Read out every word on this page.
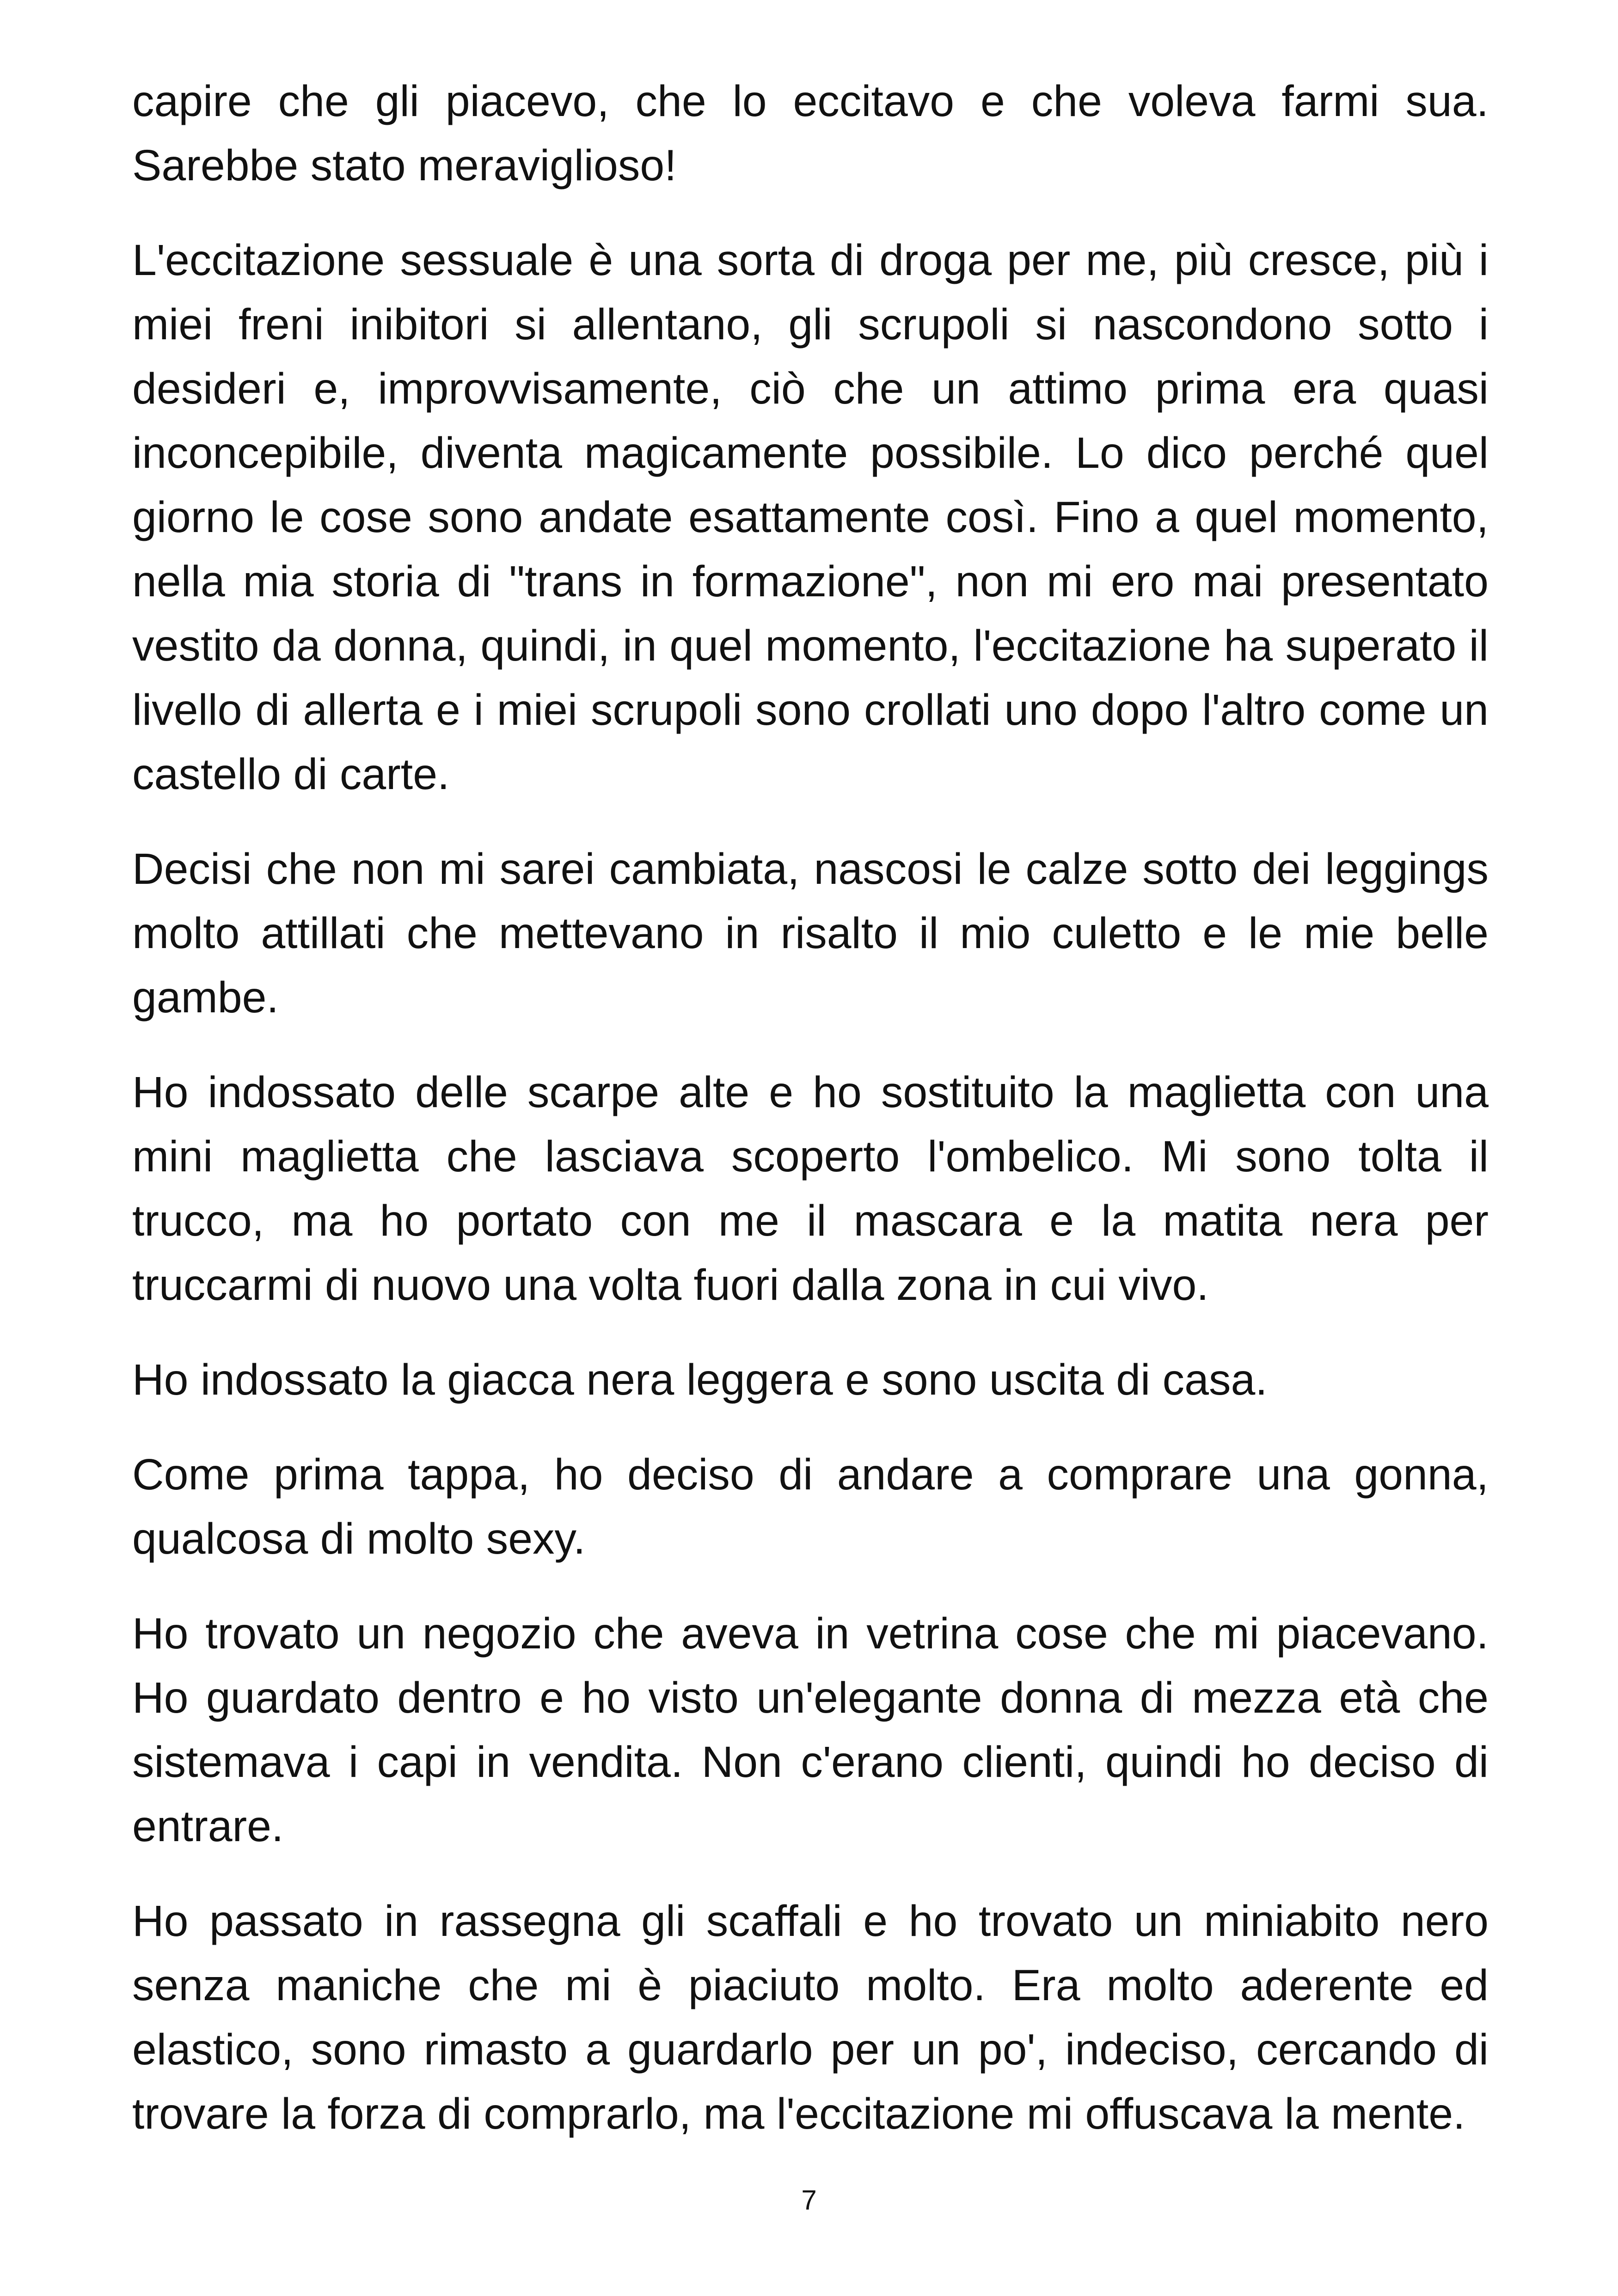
capire che gli piacevo, che lo eccitavo e che voleva farmi sua. Sarebbe stato meraviglioso!

L'eccitazione sessuale è una sorta di droga per me, più cresce, più i miei freni inibitori si allentano, gli scrupoli si nascondono sotto i desideri e, improvvisamente, ciò che un attimo prima era quasi inconcepibile, diventa magicamente possibile. Lo dico perché quel giorno le cose sono andate esattamente così. Fino a quel momento, nella mia storia di "trans in formazione", non mi ero mai presentato vestito da donna, quindi, in quel momento, l'eccitazione ha superato il livello di allerta e i miei scrupoli sono crollati uno dopo l'altro come un castello di carte.

Decisi che non mi sarei cambiata, nascosi le calze sotto dei leggings molto attillati che mettevano in risalto il mio culetto e le mie belle gambe.

Ho indossato delle scarpe alte e ho sostituito la maglietta con una mini maglietta che lasciava scoperto l'ombelico. Mi sono tolta il trucco, ma ho portato con me il mascara e la matita nera per truccarmi di nuovo una volta fuori dalla zona in cui vivo.

Ho indossato la giacca nera leggera e sono uscita di casa.

Come prima tappa, ho deciso di andare a comprare una gonna, qualcosa di molto sexy.

Ho trovato un negozio che aveva in vetrina cose che mi piacevano. Ho guardato dentro e ho visto un'elegante donna di mezza età che sistemava i capi in vendita. Non c'erano clienti, quindi ho deciso di entrare.

Ho passato in rassegna gli scaffali e ho trovato un miniabito nero senza maniche che mi è piaciuto molto. Era molto aderente ed elastico, sono rimasto a guardarlo per un po', indeciso, cercando di trovare la forza di comprarlo, ma l'eccitazione mi offuscava la mente.

7
